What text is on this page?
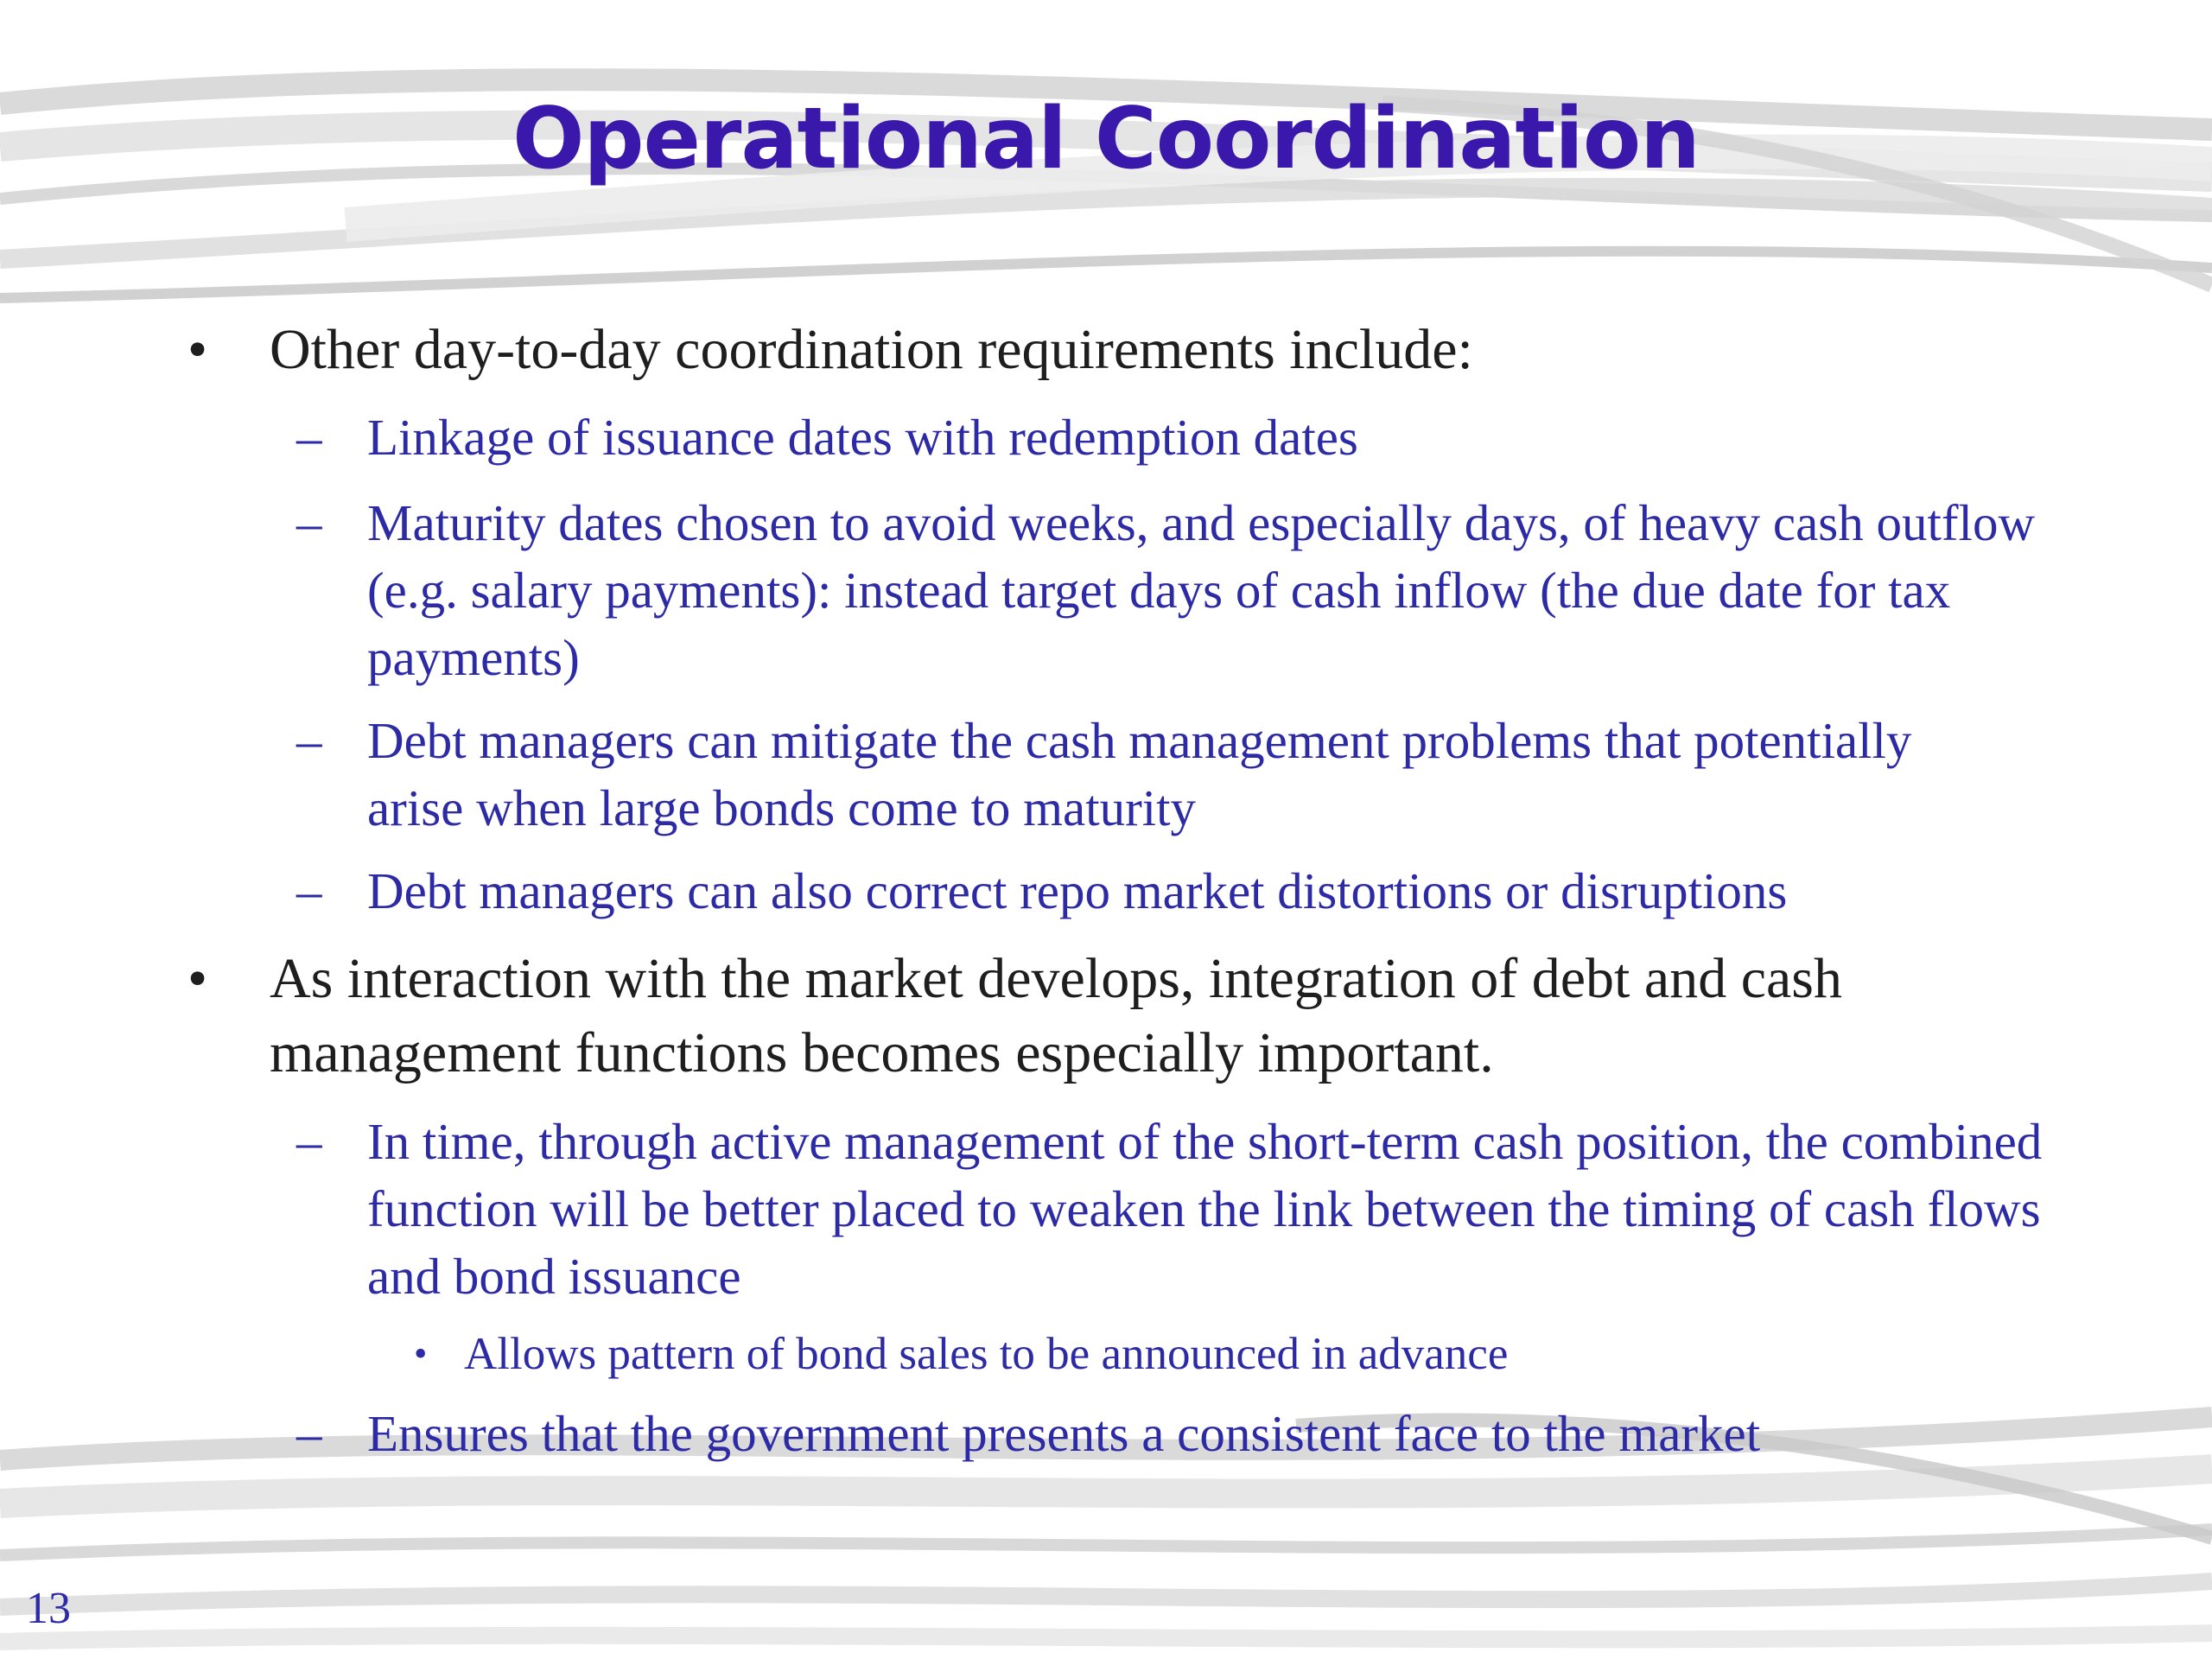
Operational Coordination
• Other day-to-day coordination requirements include:
– Linkage of issuance dates with redemption dates
– Maturity dates chosen to avoid weeks, and especially days, of heavy cash outflow (e.g. salary payments): instead target days of cash inflow (the due date for tax payments)
– Debt managers can mitigate the cash management problems that potentially arise when large bonds come to maturity
– Debt managers can also correct repo market distortions or disruptions
• As interaction with the market develops, integration of debt and cash management functions becomes especially important.
– In time, through active management of the short-term cash position, the combined function will be better placed to weaken the link between the timing of cash flows and bond issuance
• Allows pattern of bond sales to be announced in advance
– Ensures that the government presents a consistent face to the market
13
